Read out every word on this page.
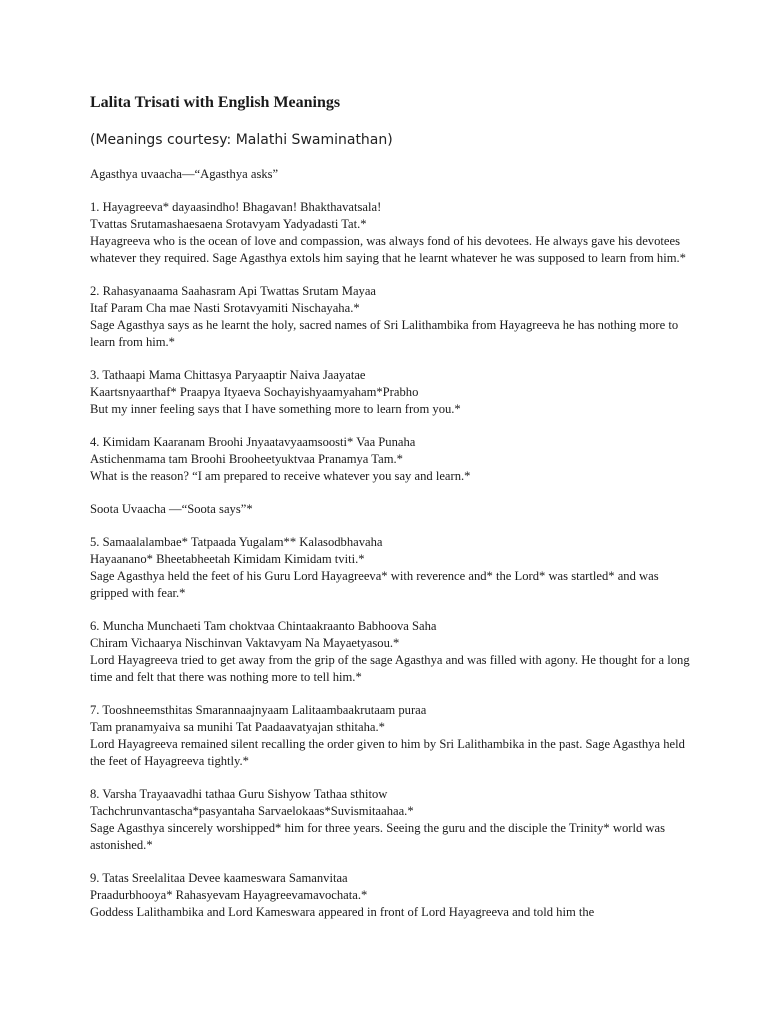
Lalita Trisati with English Meanings
(Meanings courtesy: Malathi Swaminathan)
Agasthya uvaacha—“Agasthya asks”
1. Hayagreeva* dayaasindho! Bhagavan! Bhakthavatsala!
Tvattas Srutamashaesaena Srotavyam Yadyadasti Tat.*
Hayagreeva who is the ocean of love and compassion, was always fond of his devotees. He always gave his devotees whatever they required. Sage Agasthya extols him saying that he learnt whatever he was supposed to learn from him.*
2. Rahasyanaama Saahasram Api Twattas Srutam Mayaa
Itaf Param Cha mae Nasti Srotavyamiti Nischayaha.*
Sage Agasthya says as he learnt the holy, sacred names of Sri Lalithambika from Hayagreeva he has nothing more to learn from him.*
3. Tathaapi Mama Chittasya Paryaaptir Naiva Jaayatae
Kaartsnyaarthaf* Praapya Ityaeva Sochayishyaamyaham*Prabho
But my inner feeling says that I have something more to learn from you.*
4. Kimidam Kaaranam Broohi Jnyaatavyaamsoosti* Vaa Punaha
Astichenmama tam Broohi Brooheetyuktvaa Pranamya Tam.*
What is the reason? “I am prepared to receive whatever you say and learn.*
Soota Uvaacha —“Soota says”*
5. Samaalalambae* Tatpaada Yugalam** Kalasodbhavaha
Hayaanano* Bheetabheetah Kimidam Kimidam tviti.*
Sage Agasthya held the feet of his Guru Lord Hayagreeva* with reverence and* the Lord* was startled* and was gripped with fear.*
6. Muncha Munchaeti Tam choktvaa Chintaakraanto Babhoova Saha
Chiram Vichaarya Nischinvan Vaktavyam Na Mayaetyasou.*
Lord Hayagreeva tried to get away from the grip of the sage Agasthya and was filled with agony. He thought for a long time and felt that there was nothing more to tell him.*
7. Tooshneemsthitas Smarannaajnyaam Lalitaambaakrutaam puraa
Tam pranamyaiva sa munihi Tat Paadaavatyajan sthitaha.*
Lord Hayagreeva remained silent recalling the order given to him by Sri Lalithambika in the past. Sage Agasthya held the feet of Hayagreeva tightly.*
8. Varsha Trayaavadhi tathaa Guru Sishyow Tathaa sthitow
Tachchrunvantascha*pasyantaha Sarvaelokaas*Suvismitaahaa.*
Sage Agasthya sincerely worshipped* him for three years. Seeing the guru and the disciple the Trinity* world was astonished.*
9. Tatas Sreelalitaa Devee kaameswara Samanvitaa
Praadurbhooya* Rahasyevam Hayagreevamavochata.*
Goddess Lalithambika and Lord Kameswara appeared in front of Lord Hayagreeva and told him the
